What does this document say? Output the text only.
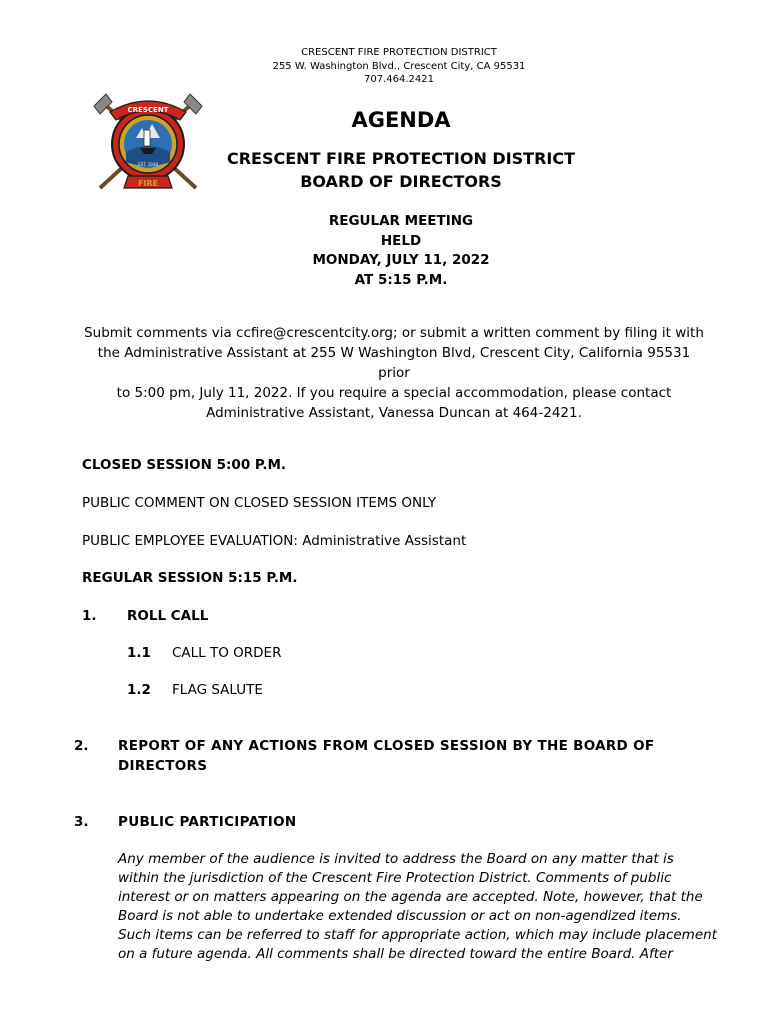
CRESCENT FIRE PROTECTION DISTRICT
255 W. Washington Blvd., Crescent City, CA 95531
707.464.2421
CRESCENT
FIRE
EST. 1938
AGENDA
CRESCENT FIRE PROTECTION DISTRICT
BOARD OF DIRECTORS
REGULAR MEETING
HELD
MONDAY, JULY 11, 2022
AT 5:15 P.M.
Submit comments via ccfire@crescentcity.org; or submit a written comment by filing it with
the Administrative Assistant at 255 W Washington Blvd, Crescent City, California 95531 prior
to 5:00 pm, July 11, 2022. If you require a special accommodation, please contact
Administrative Assistant, Vanessa Duncan at 464-2421.
CLOSED SESSION 5:00 P.M.
PUBLIC COMMENT ON CLOSED SESSION ITEMS ONLY
PUBLIC EMPLOYEE EVALUATION: Administrative Assistant
REGULAR SESSION 5:15 P.M.
1. ROLL CALL
1.1 CALL TO ORDER
1.2 FLAG SALUTE
2. REPORT OF ANY ACTIONS FROM CLOSED SESSION BY THE BOARD OF
DIRECTORS
3. PUBLIC PARTICIPATION
Any member of the audience is invited to address the Board on any matter that is
within the jurisdiction of the Crescent Fire Protection District. Comments of public
interest or on matters appearing on the agenda are accepted. Note, however, that the
Board is not able to undertake extended discussion or act on non-agendized items.
Such items can be referred to staff for appropriate action, which may include placement
on a future agenda. All comments shall be directed toward the entire Board. After
